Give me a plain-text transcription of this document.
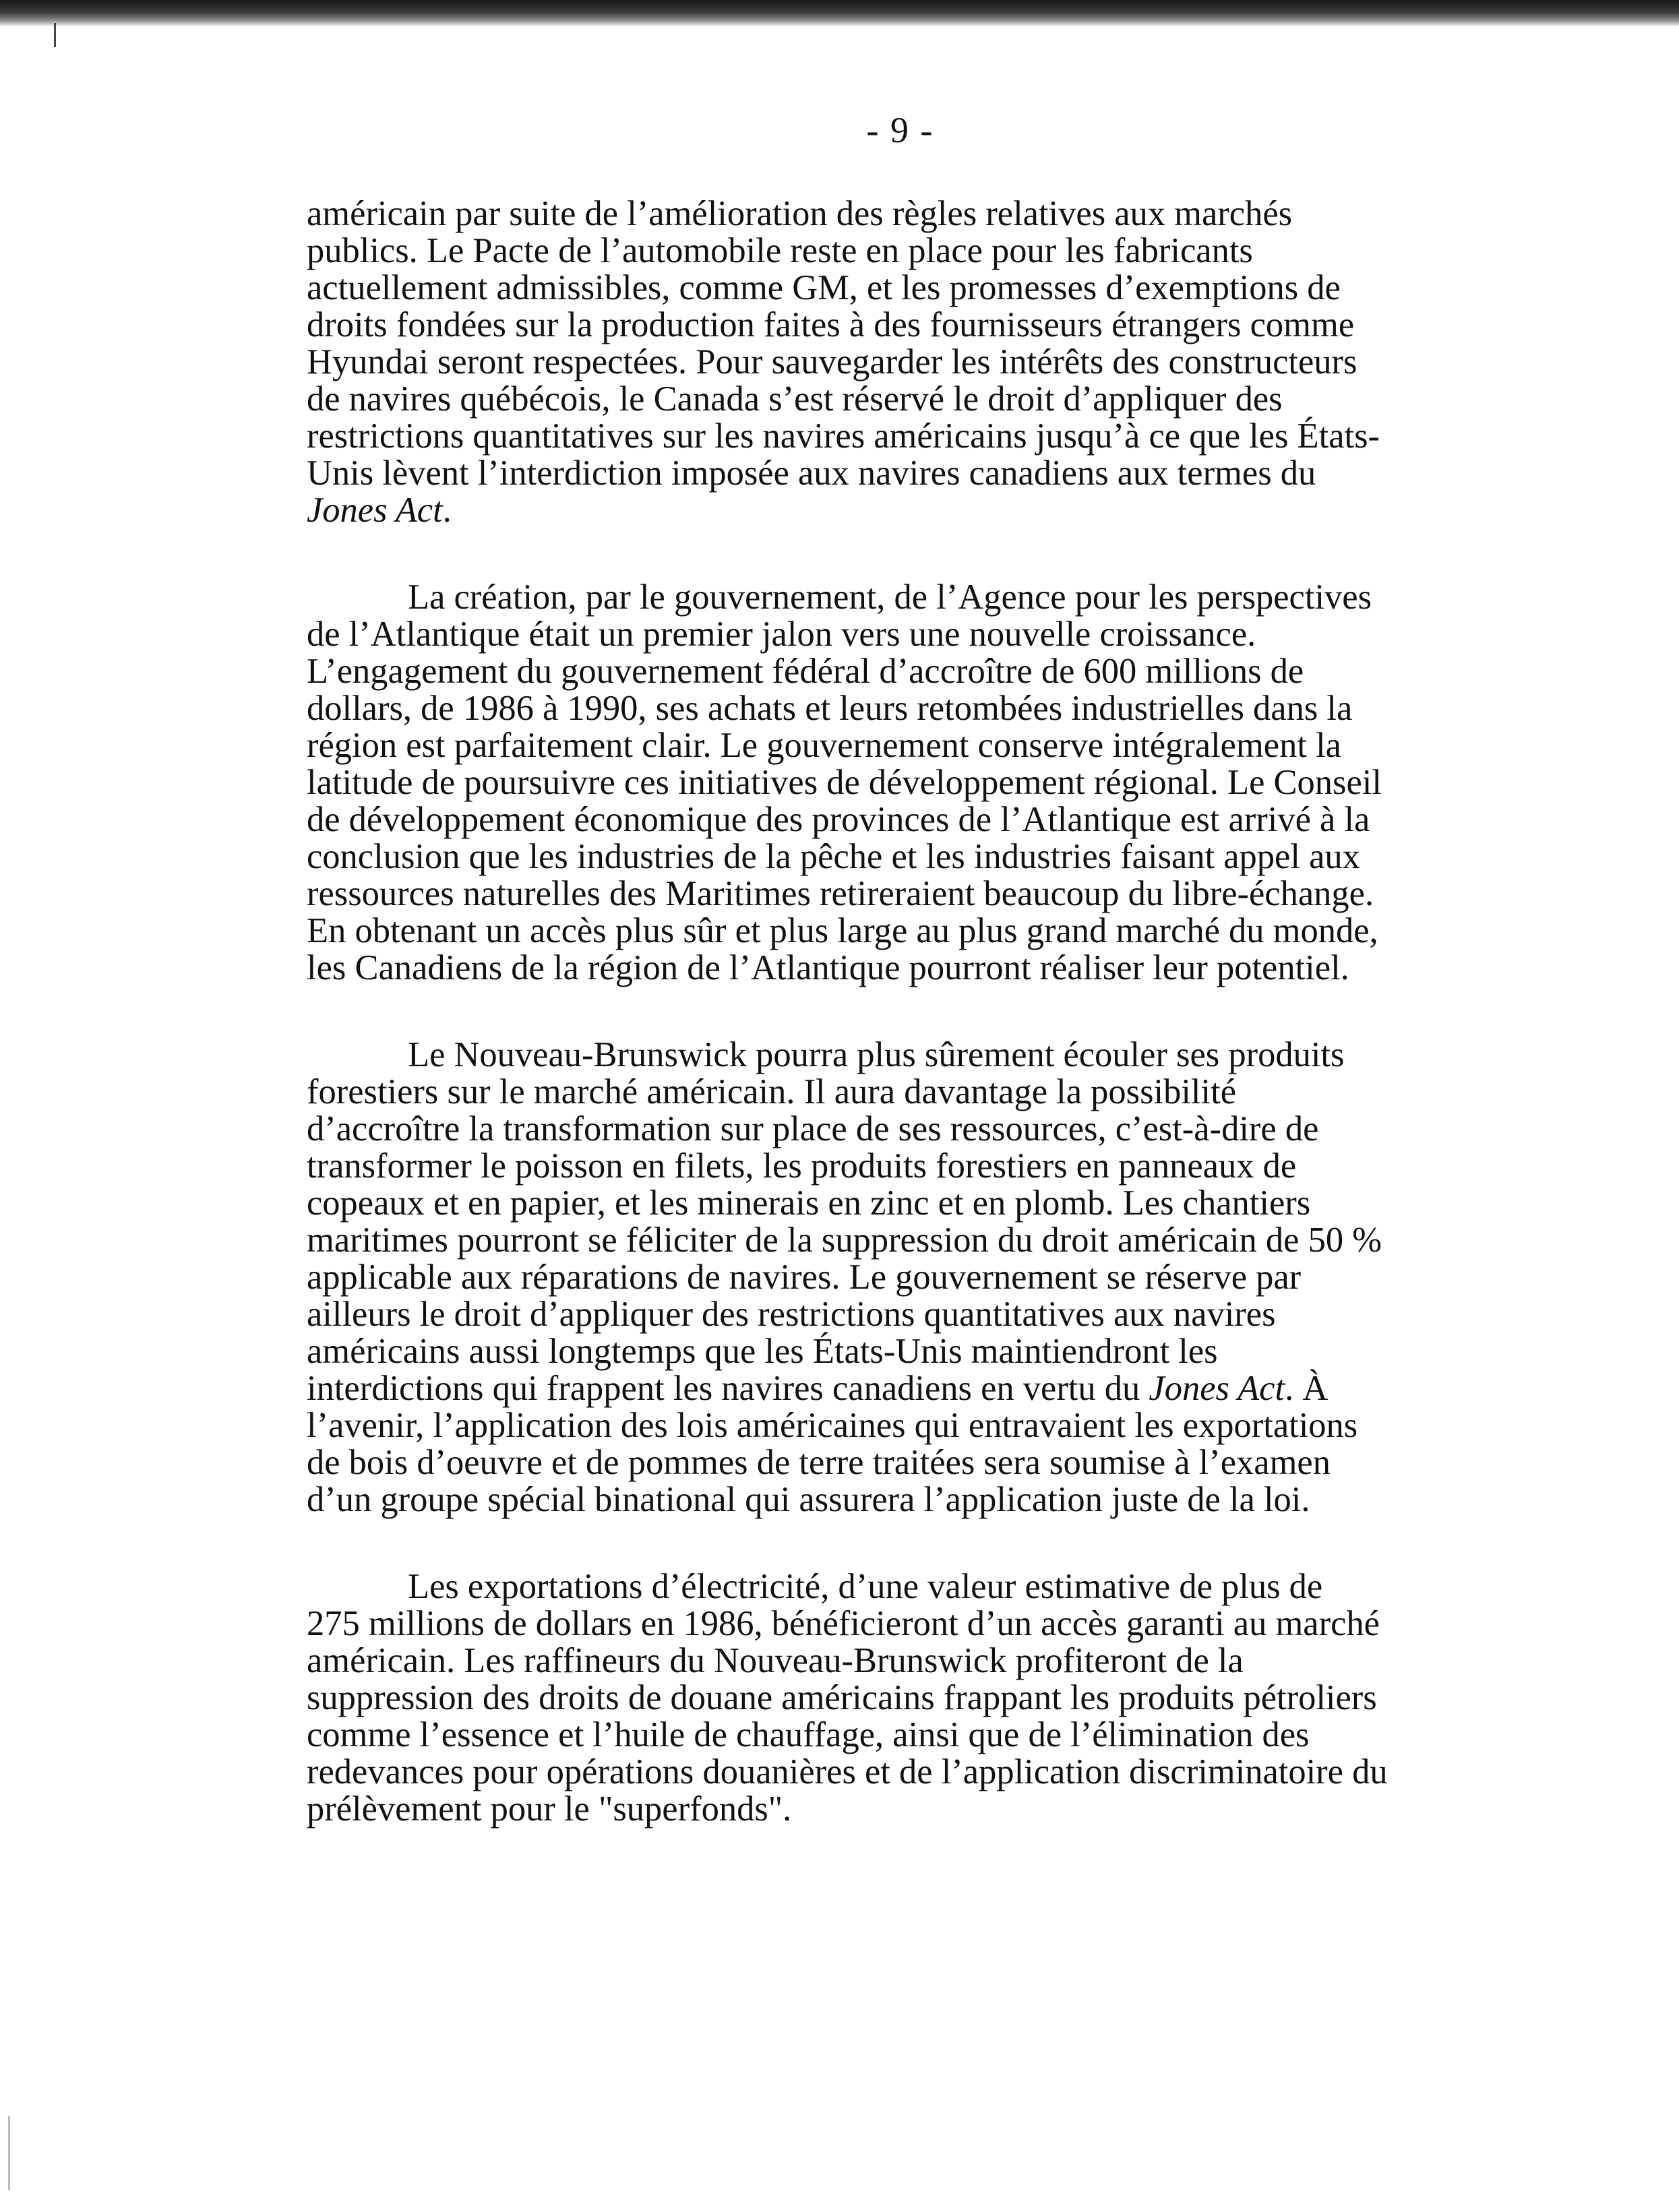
- 9 -

américain par suite de l’amélioration des règles relatives aux marchés
publics. Le Pacte de l’automobile reste en place pour les fabricants
actuellement admissibles, comme GM, et les promesses d’exemptions de
droits fondées sur la production faites à des fournisseurs étrangers comme
Hyundai seront respectées. Pour sauvegarder les intérêts des constructeurs
de navires québécois, le Canada s’est réservé le droit d’appliquer des
restrictions quantitatives sur les navires américains jusqu’à ce que les États-
Unis lèvent l’interdiction imposée aux navires canadiens aux termes du
Jones Act.

La création, par le gouvernement, de l’Agence pour les perspectives
de l’Atlantique était un premier jalon vers une nouvelle croissance.
L’engagement du gouvernement fédéral d’accroître de 600 millions de
dollars, de 1986 à 1990, ses achats et leurs retombées industrielles dans la
région est parfaitement clair. Le gouvernement conserve intégralement la
latitude de poursuivre ces initiatives de développement régional. Le Conseil
de développement économique des provinces de l’Atlantique est arrivé à la
conclusion que les industries de la pêche et les industries faisant appel aux
ressources naturelles des Maritimes retireraient beaucoup du libre-échange.
En obtenant un accès plus sûr et plus large au plus grand marché du monde,
les Canadiens de la région de l’Atlantique pourront réaliser leur potentiel.

Le Nouveau-Brunswick pourra plus sûrement écouler ses produits
forestiers sur le marché américain. Il aura davantage la possibilité
d’accroître la transformation sur place de ses ressources, c’est-à-dire de
transformer le poisson en filets, les produits forestiers en panneaux de
copeaux et en papier, et les minerais en zinc et en plomb. Les chantiers
maritimes pourront se féliciter de la suppression du droit américain de 50 %
applicable aux réparations de navires. Le gouvernement se réserve par
ailleurs le droit d’appliquer des restrictions quantitatives aux navires
américains aussi longtemps que les États-Unis maintiendront les
interdictions qui frappent les navires canadiens en vertu du Jones Act. À
l’avenir, l’application des lois américaines qui entravaient les exportations
de bois d’oeuvre et de pommes de terre traitées sera soumise à l’examen
d’un groupe spécial binational qui assurera l’application juste de la loi.

Les exportations d’électricité, d’une valeur estimative de plus de
275 millions de dollars en 1986, bénéficieront d’un accès garanti au marché
américain. Les raffineurs du Nouveau-Brunswick profiteront de la
suppression des droits de douane américains frappant les produits pétroliers
comme l’essence et l’huile de chauffage, ainsi que de l’élimination des
redevances pour opérations douanières et de l’application discriminatoire du
prélèvement pour le "superfonds".
